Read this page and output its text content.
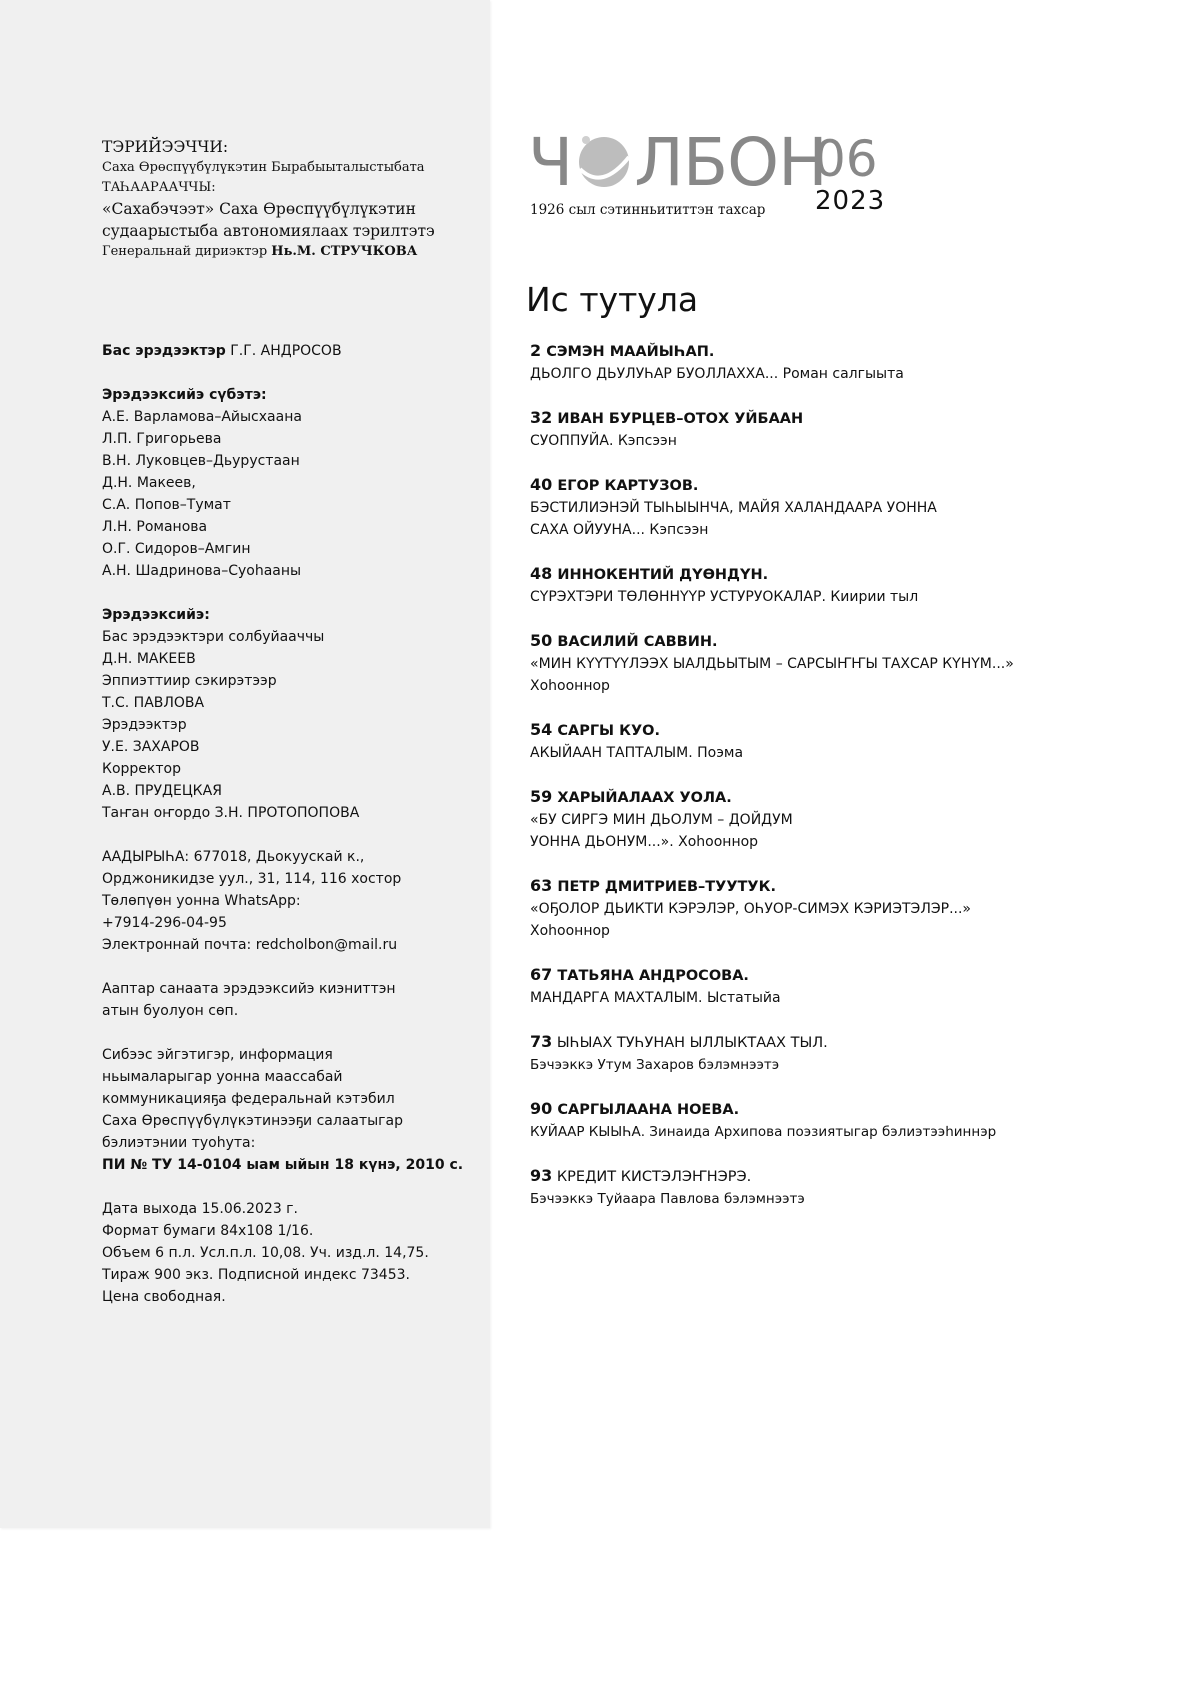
ТЭРИЙЭЭЧЧИ:
Саха Өрөспүүбүлүкэтин Бырабыыталыстыбата
ТАҺААРААЧЧЫ:
«Сахабэчээт» Саха Өрөспүүбүлүкэтин
судаарыстыба автономиялаах тэрилтэтэ
Генеральнай дириэктэр Нь.М. СТРУЧКОВА
Бас эрэдээктэр Г.Г. АНДРОСОВ
Эрэдээксийэ сүбэтэ:
А.Е. Варламова–Айысхаана
Л.П. Григорьева
В.Н. Луковцев–Дьурустаан
Д.Н. Макеев,
С.А. Попов–Тумат
Л.Н. Романова
О.Г. Сидоров–Амгин
А.Н. Шадринова–Суоһааны
Эрэдээксийэ:
Бас эрэдээктэри солбуйааччы
Д.Н. МАКЕЕВ
Эппиэттиир сэкирэтээр
Т.С. ПАВЛОВА
Эрэдээктэр
У.Е. ЗАХАРОВ
Корректор
А.В. ПРУДЕЦКАЯ
Таҥан оҥордо З.Н. ПРОТОПОПОВА
ААДЫРЫҺА: 677018, Дьокуускай к.,
Орджоникидзе уул., 31, 114, 116 хостор
Төлөпүөн уонна WhatsApp:
+7914-296-04-95
Электроннай почта: redcholbon@mail.ru
Ааптар санаата эрэдээксийэ киэниттэн
атын буолуон сөп.
Сибээс эйгэтигэр, информация
ньымаларыгар уонна маассабай
коммуникацияҕа федеральнай кэтэбил
Саха Өрөспүүбүлүкэтинээҕи салаатыгар
бэлиэтэнии туоһута:
ПИ № ТУ 14-0104 ыам ыйын 18 күнэ, 2010 с.
Дата выхода 15.06.2023 г.
Формат бумаги 84х108 1/16.
Объем 6 п.л. Усл.п.л. 10,08. Уч. изд.л. 14,75.
Тираж 900 экз. Подписной индекс 73453.
Цена свободная.
Ч ЛБОН
06
2023
1926 сыл сэтинньититтэн тахсар
Ис тутула
2 СЭМЭН МААЙЫҺАП.
ДЬОЛГО ДЬУЛУҺАР БУОЛЛАХХА... Роман салгыыта
32 ИВАН БУРЦЕВ–ОТОХ УЙБААН
СУОППУЙА. Кэпсээн
40 ЕГОР КАРТУЗОВ.
БЭСТИЛИЭНЭЙ ТЫҺЫЫНЧА, МАЙЯ ХАЛАНДААРА УОННА
САХА ОЙУУНА... Кэпсээн
48 ИННОКЕНТИЙ ДҮӨНДҮН.
СҮРЭХТЭРИ ТӨЛӨННҮҮР УСТУРУОКАЛАР. Киирии тыл
50 ВАСИЛИЙ САВВИН.
«МИН КҮҮТҮҮЛЭЭХ ЫАЛДЬЫТЫМ – САРСЫҤҤЫ ТАХСАР КҮНҮМ...»
Хоһооннор
54 САРГЫ КУО.
АКЫЙААН ТАПТАЛЫМ. Поэма
59 ХАРЫЙАЛААХ УОЛА.
«БУ СИРГЭ МИН ДЬОЛУМ – ДОЙДУМ
УОННА ДЬОНУМ...». Хоһооннор
63 ПЕТР ДМИТРИЕВ–ТУУТУК.
«ОҔОЛОР ДЬИКТИ КЭРЭЛЭР, ОҺУОР-СИМЭХ КЭРИЭТЭЛЭР...»
Хоһооннор
67 ТАТЬЯНА АНДРОСОВА.
МАНДАРГА МАХТАЛЫМ. Ыстатыйа
73 ЫҺЫАХ ТУҺУНАН ЫЛЛЫКТААХ ТЫЛ.
Бэчээккэ Утум Захаров бэлэмнээтэ
90 САРГЫЛААНА НОЕВА.
КУЙААР КЫЫҺА. Зинаида Архипова поэзиятыгар бэлиэтээһиннэр
93 КРЕДИТ КИСТЭЛЭҤНЭРЭ.
Бэчээккэ Туйаара Павлова бэлэмнээтэ
